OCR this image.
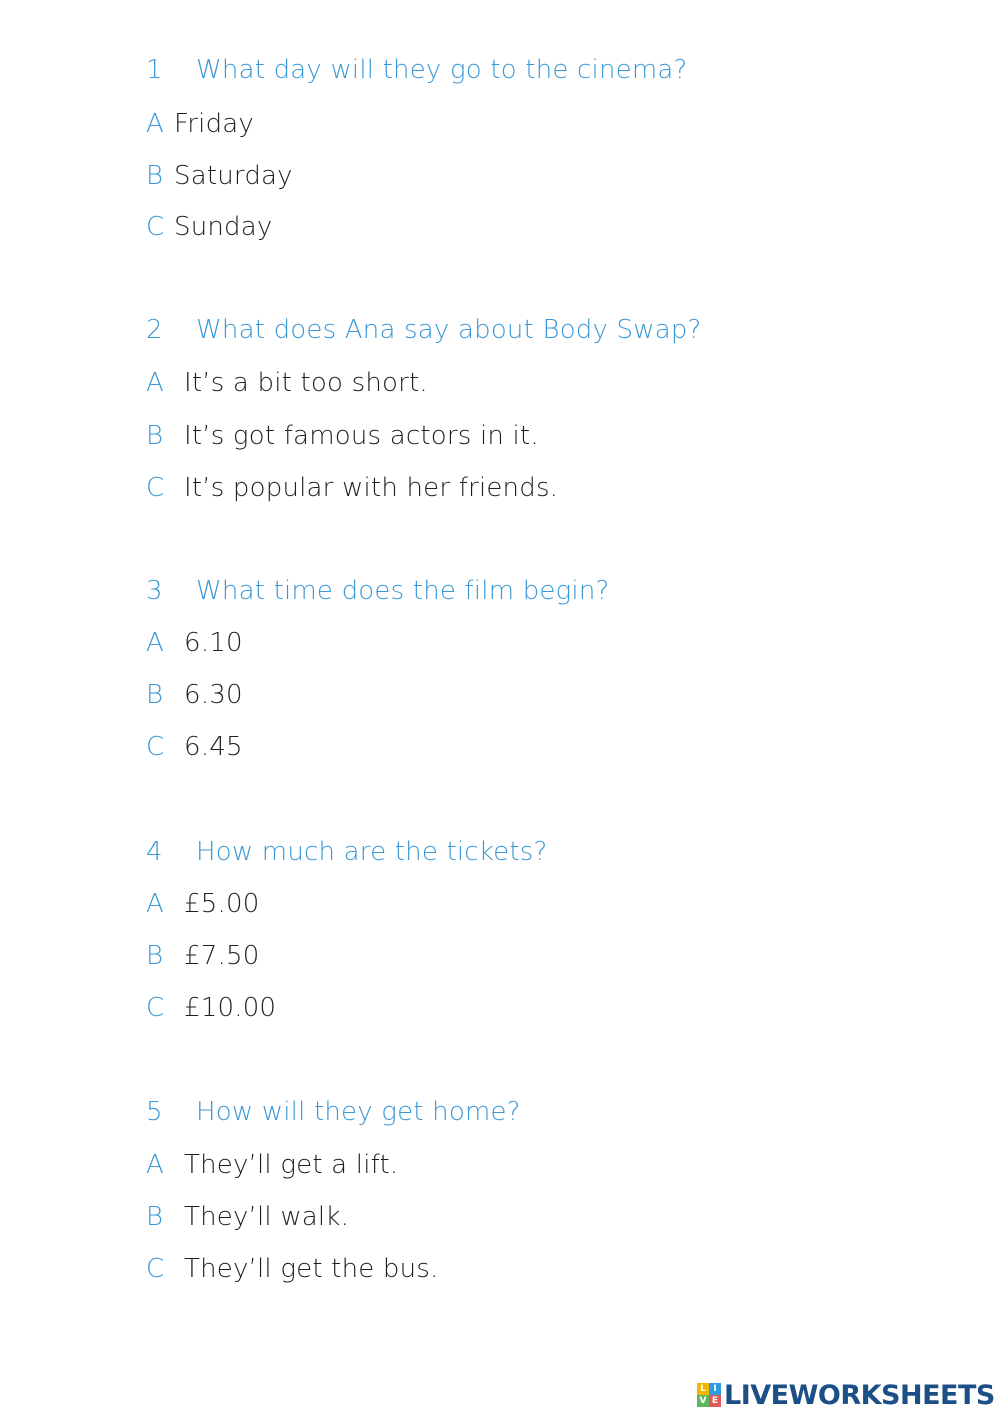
1	What day will they go to the cinema?
A Friday
B Saturday
C Sunday
2	What does Ana say about Body Swap?
A It’s a bit too short.
B It’s got famous actors in it.
C It’s popular with her friends.
3	What time does the film begin?
A 6.10
B 6.30
C 6.45
4	How much are the tickets?
A £5.00
B £7.50
C £10.00
5	How will they get home?
A They’ll get a lift.
B They’ll walk.
C They’ll get the bus.
L I
V E LIVEWORKSHEETS
